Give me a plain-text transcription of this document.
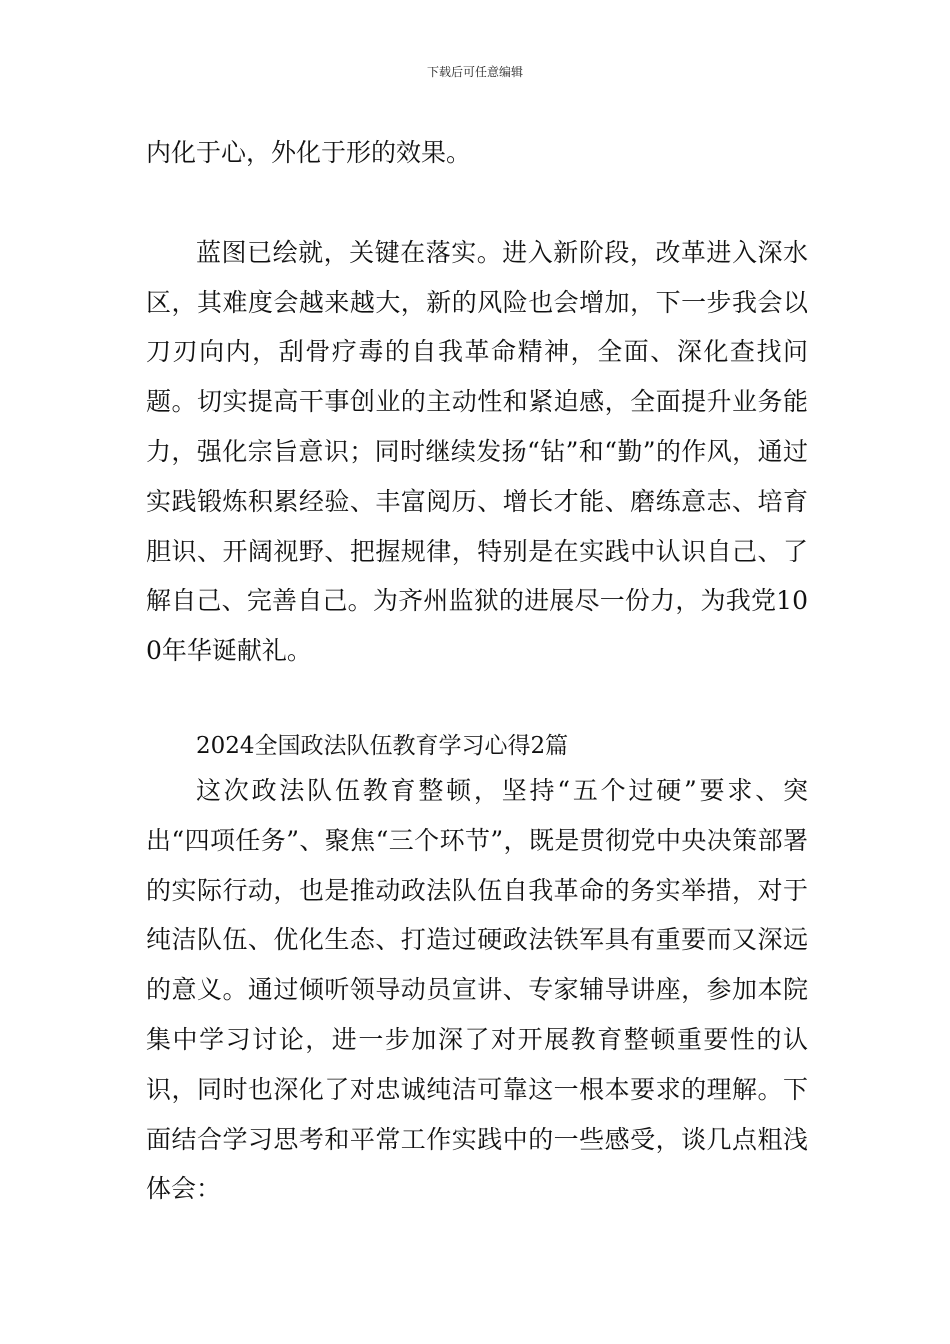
下载后可任意编辑

内化于心，外化于形的效果。

蓝图已绘就，关键在落实。进入新阶段，改革进入深水区，其难度会越来越大，新的风险也会增加，下一步我会以刀刃向内，刮骨疗毒的自我革命精神，全面、深化查找问题。切实提高干事创业的主动性和紧迫感，全面提升业务能力，强化宗旨意识；同时继续发扬“钻”和“勤”的作风，通过实践锻炼积累经验、丰富阅历、增长才能、磨练意志、培育胆识、开阔视野、把握规律，特别是在实践中认识自己、了解自己、完善自己。为齐州监狱的进展尽一份力，为我党100年华诞献礼。

2024全国政法队伍教育学习心得2篇

这次政法队伍教育整顿，坚持“五个过硬”要求、突出“四项任务”、聚焦“三个环节”，既是贯彻党中央决策部署的实际行动，也是推动政法队伍自我革命的务实举措，对于纯洁队伍、优化生态、打造过硬政法铁军具有重要而又深远的意义。通过倾听领导动员宣讲、专家辅导讲座，参加本院集中学习讨论，进一步加深了对开展教育整顿重要性的认识，同时也深化了对忠诚纯洁可靠这一根本要求的理解。下面结合学习思考和平常工作实践中的一些感受，谈几点粗浅体会：
